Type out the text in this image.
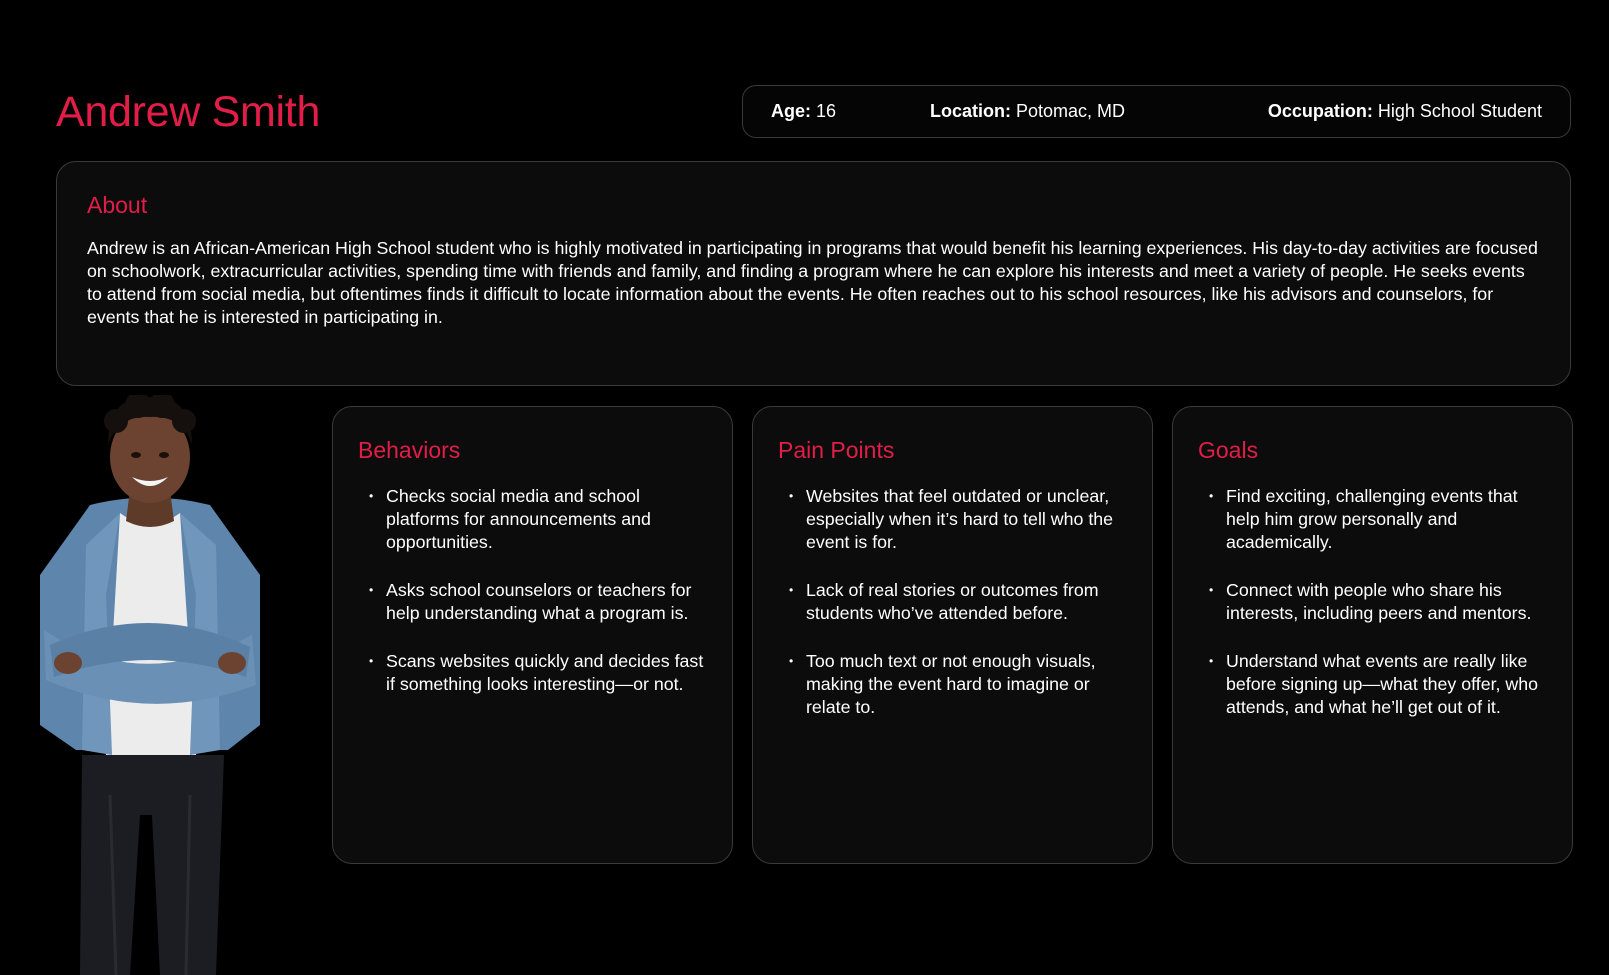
Andrew Smith	Age: 16	Location: Potomac, MD	Occupation: High School Student
About

Andrew is an African-American High School student who is highly motivated in participating in programs that would benefit his learning experiences. His day-to-day activities are focused on schoolwork, extracurricular activities, spending time with friends and family, and finding a program where he can explore his interests and meet a variety of people. He seeks events to attend from social media, but oftentimes finds it difficult to locate information about the events. He often reaches out to his school resources, like his advisors and counselors, for events that he is interested in participating in.

Behaviors
• Checks social media and school platforms for announcements and opportunities.
• Asks school counselors or teachers for help understanding what a program is.
• Scans websites quickly and decides fast if something looks interesting—or not.
Pain Points
• Websites that feel outdated or unclear, especially when it’s hard to tell who the event is for.
• Lack of real stories or outcomes from students who’ve attended before.
• Too much text or not enough visuals, making the event hard to imagine or relate to.
Goals
• Find exciting, challenging events that help him grow personally and academically.
• Connect with people who share his interests, including peers and mentors.
• Understand what events are really like before signing up—what they offer, who attends, and what he’ll get out of it.
